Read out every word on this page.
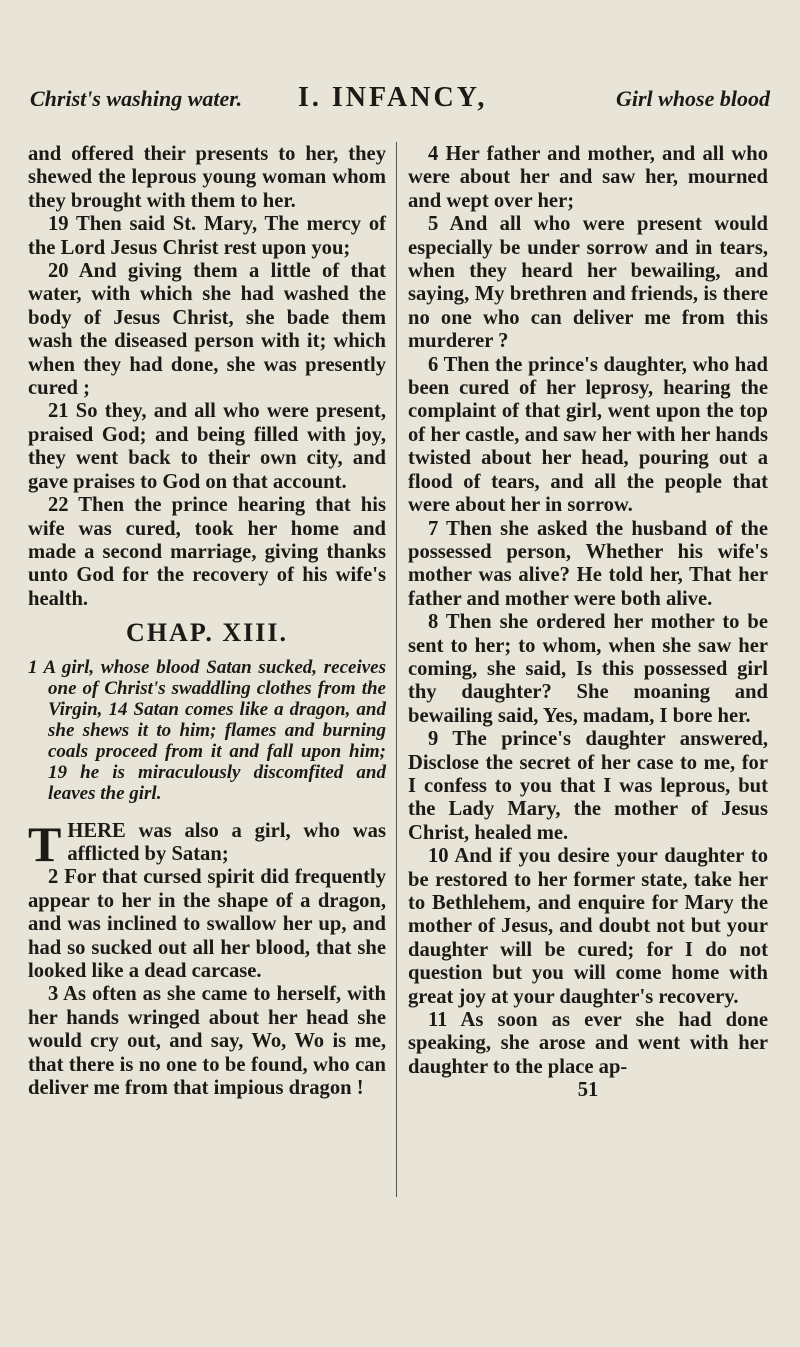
Christ's washing water. I. INFANCY,	Girl whose blood

and offered their presents to her, they shewed the leprous young woman whom they brought with them to her.

19 Then said St. Mary, The mercy of the Lord Jesus Christ rest upon you;

20 And giving them a little of that water, with which she had washed the body of Jesus Christ, she bade them wash the diseased person with it; which when they had done, she was presently cured ;

21 So they, and all who were present, praised God; and being filled with joy, they went back to their own city, and gave praises to God on that account.

22 Then the prince hearing that his wife was cured, took her home and made a second marriage, giving thanks unto God for the recovery of his wife's health.

CHAP. XIII.

1 A girl, whose blood Satan sucked, receives one of Christ's swaddling clothes from the Virgin, 14 Satan comes like a dragon, and she shews it to him; flames and burning coals proceed from it and fall upon him; 19 he is miraculously discomfited and leaves the girl.

THERE was also a girl, who was afflicted by Satan;

2 For that cursed spirit did frequently appear to her in the shape of a dragon, and was inclined to swallow her up, and had so sucked out all her blood, that she looked like a dead carcase.

3 As often as she came to herself, with her hands wringed about her head she would cry out, and say, Wo, Wo is me, that there is no one to be found, who can deliver me from that impious dragon !

4 Her father and mother, and all who were about her and saw her, mourned and wept over her;

5 And all who were present would especially be under sorrow and in tears, when they heard her bewailing, and saying, My brethren and friends, is there no one who can deliver me from this murderer ?

6 Then the prince's daughter, who had been cured of her leprosy, hearing the complaint of that girl, went upon the top of her castle, and saw her with her hands twisted about her head, pouring out a flood of tears, and all the people that were about her in sorrow.

7 Then she asked the husband of the possessed person, Whether his wife's mother was alive? He told her, That her father and mother were both alive.

8 Then she ordered her mother to be sent to her; to whom, when she saw her coming, she said, Is this possessed girl thy daughter? She moaning and bewailing said, Yes, madam, I bore her.

9 The prince's daughter answered, Disclose the secret of her case to me, for I confess to you that I was leprous, but the Lady Mary, the mother of Jesus Christ, healed me.

10 And if you desire your daughter to be restored to her former state, take her to Bethlehem, and enquire for Mary the mother of Jesus, and doubt not but your daughter will be cured; for I do not question but you will come home with great joy at your daughter's recovery.

11 As soon as ever she had done speaking, she arose and went with her daughter to the place ap-

51
